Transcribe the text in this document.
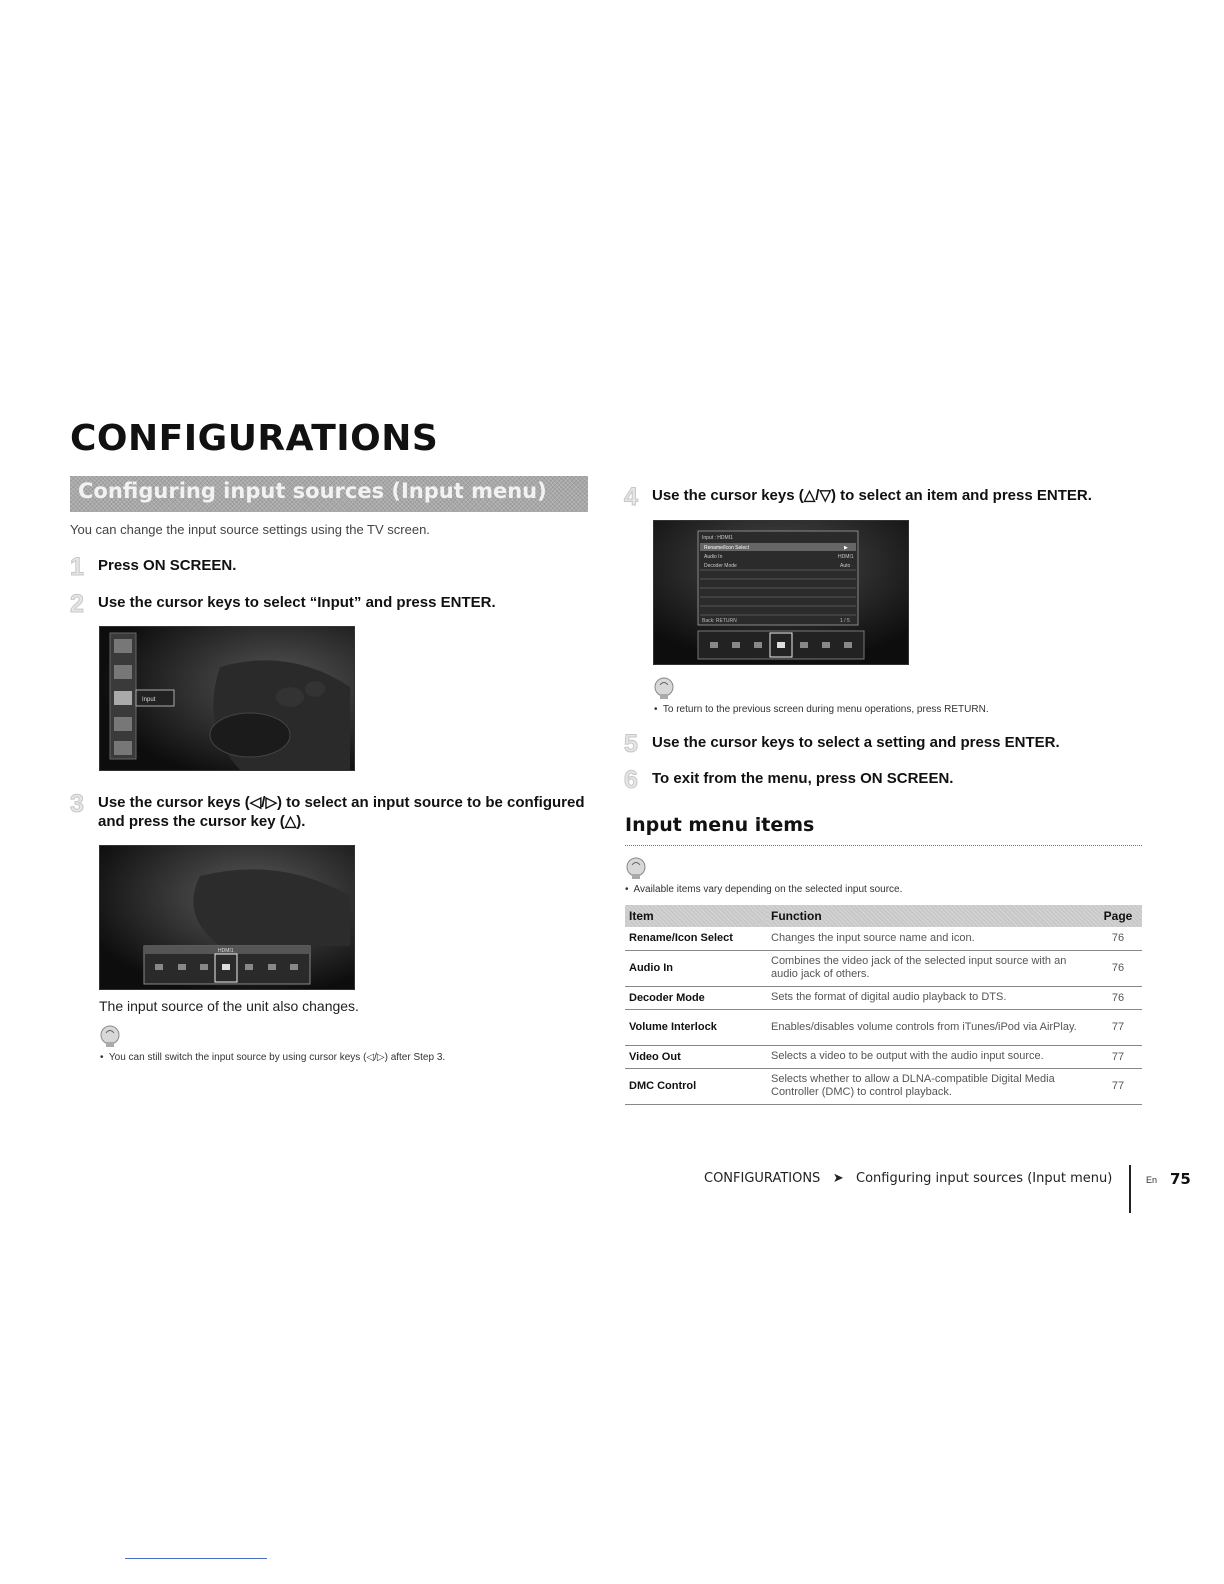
CONFIGURATIONS
Configuring input sources (Input menu)
You can change the input source settings using the TV screen.
1 Press ON SCREEN.
2 Use the cursor keys to select “Input” and press ENTER.
Input
3 Use the cursor keys (◁/▷) to select an input source to be configured and press the cursor key (△).
HDMI1
The input source of the unit also changes.
•  You can still switch the input source by using cursor keys (◁/▷) after Step 3.
4 Use the cursor keys (△/▽) to select an item and press ENTER.
Input : HDMI1
Rename/Icon Select	▶
Audio In	HDMI1
Decoder Mode	Auto
Back: RETURN	1 / 5
•  To return to the previous screen during menu operations, press RETURN.
5 Use the cursor keys to select a setting and press ENTER.
6 To exit from the menu, press ON SCREEN.
Input menu items
•  Available items vary depending on the selected input source.
Item	Function	Page
Rename/Icon Select	Changes the input source name and icon.	76
Audio In	Combines the video jack of the selected input source with an audio jack of others.	76
Decoder Mode	Sets the format of digital audio playback to DTS.	76
Volume Interlock	Enables/disables volume controls from iTunes/iPod via AirPlay.	77
Video Out	Selects a video to be output with the audio input source.	77
DMC Control	Selects whether to allow a DLNA-compatible Digital Media Controller (DMC) to control playback.	77
CONFIGURATIONS ➤ Configuring input sources (Input menu)	En 75
